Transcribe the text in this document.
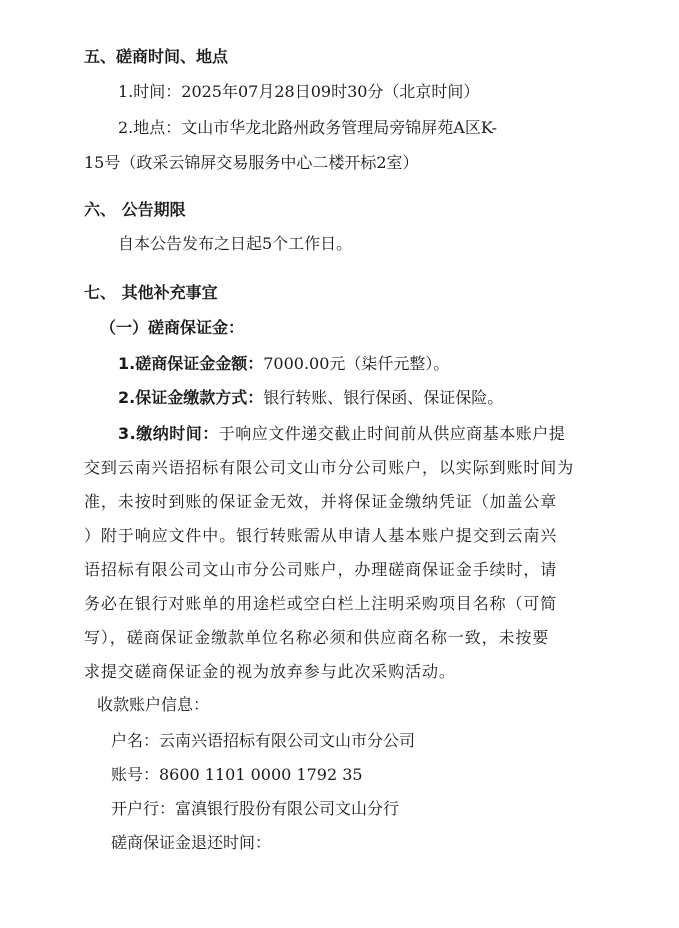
五、磋商时间、地点
1.时间：2025年07月28日09时30分（北京时间）
2.地点：文山市华龙北路州政务管理局旁锦屏苑A区K-
15号（政采云锦屏交易服务中心二楼开标2室）
六、 公告期限
自本公告发布之日起5个工作日。
七、 其他补充事宜
（一）磋商保证金：
1.磋商保证金金额：7000.00元（柒仟元整）。
2.保证金缴款方式：银行转账、银行保函、保证保险。
3.缴纳时间：于响应文件递交截止时间前从供应商基本账户提
交到云南兴语招标有限公司文山市分公司账户，以实际到账时间为
准，未按时到账的保证金无效，并将保证金缴纳凭证（加盖公章
）附于响应文件中。银行转账需从申请人基本账户提交到云南兴
语招标有限公司文山市分公司账户，办理磋商保证金手续时，请
务必在银行对账单的用途栏或空白栏上注明采购项目名称（可简
写），磋商保证金缴款单位名称必须和供应商名称一致，未按要
求提交磋商保证金的视为放弃参与此次采购活动。
收款账户信息：
户名：云南兴语招标有限公司文山市分公司
账号：8600 1101 0000 1792 35
开户行：富滇银行股份有限公司文山分行
磋商保证金退还时间：
